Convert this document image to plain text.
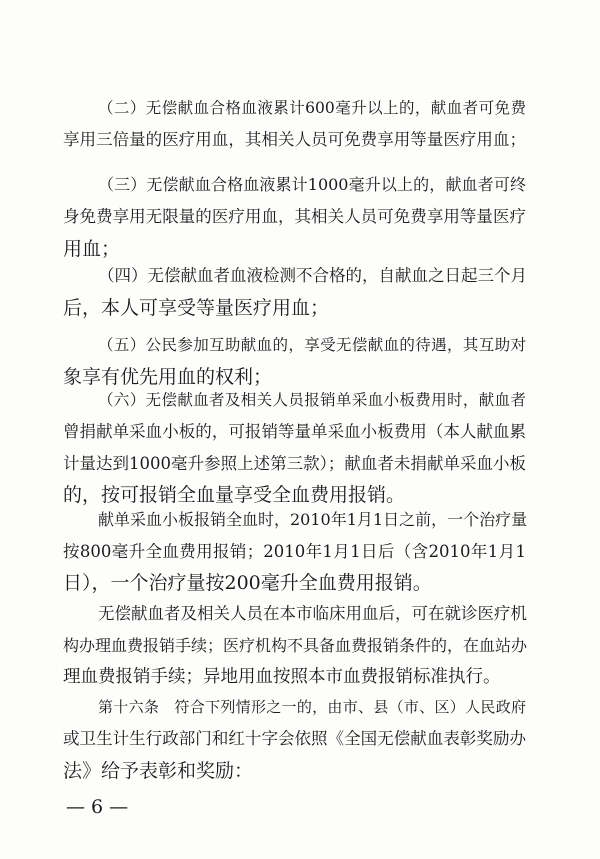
（二）无偿献血合格血液累计600毫升以上的，献血者可免费
享用三倍量的医疗用血，其相关人员可免费享用等量医疗用血；
（三）无偿献血合格血液累计1000毫升以上的，献血者可终
身免费享用无限量的医疗用血，其相关人员可免费享用等量医疗
用血；
（四）无偿献血者血液检测不合格的，自献血之日起三个月
后，本人可享受等量医疗用血；
（五）公民参加互助献血的，享受无偿献血的待遇，其互助对
象享有优先用血的权利；
（六）无偿献血者及相关人员报销单采血小板费用时，献血者
曾捐献单采血小板的，可报销等量单采血小板费用（本人献血累
计量达到1000毫升参照上述第三款）；献血者未捐献单采血小板
的，按可报销全血量享受全血费用报销。
献单采血小板报销全血时，2010年1月1日之前，一个治疗量
按800毫升全血费用报销；2010年1月1日后（含2010年1月1
日），一个治疗量按200毫升全血费用报销。
无偿献血者及相关人员在本市临床用血后，可在就诊医疗机
构办理血费报销手续；医疗机构不具备血费报销条件的，在血站办
理血费报销手续；异地用血按照本市血费报销标准执行。
第十六条　符合下列情形之一的，由市、县（市、区）人民政府
或卫生计生行政部门和红十字会依照《全国无偿献血表彰奖励办
法》给予表彰和奖励：
— 6 —
